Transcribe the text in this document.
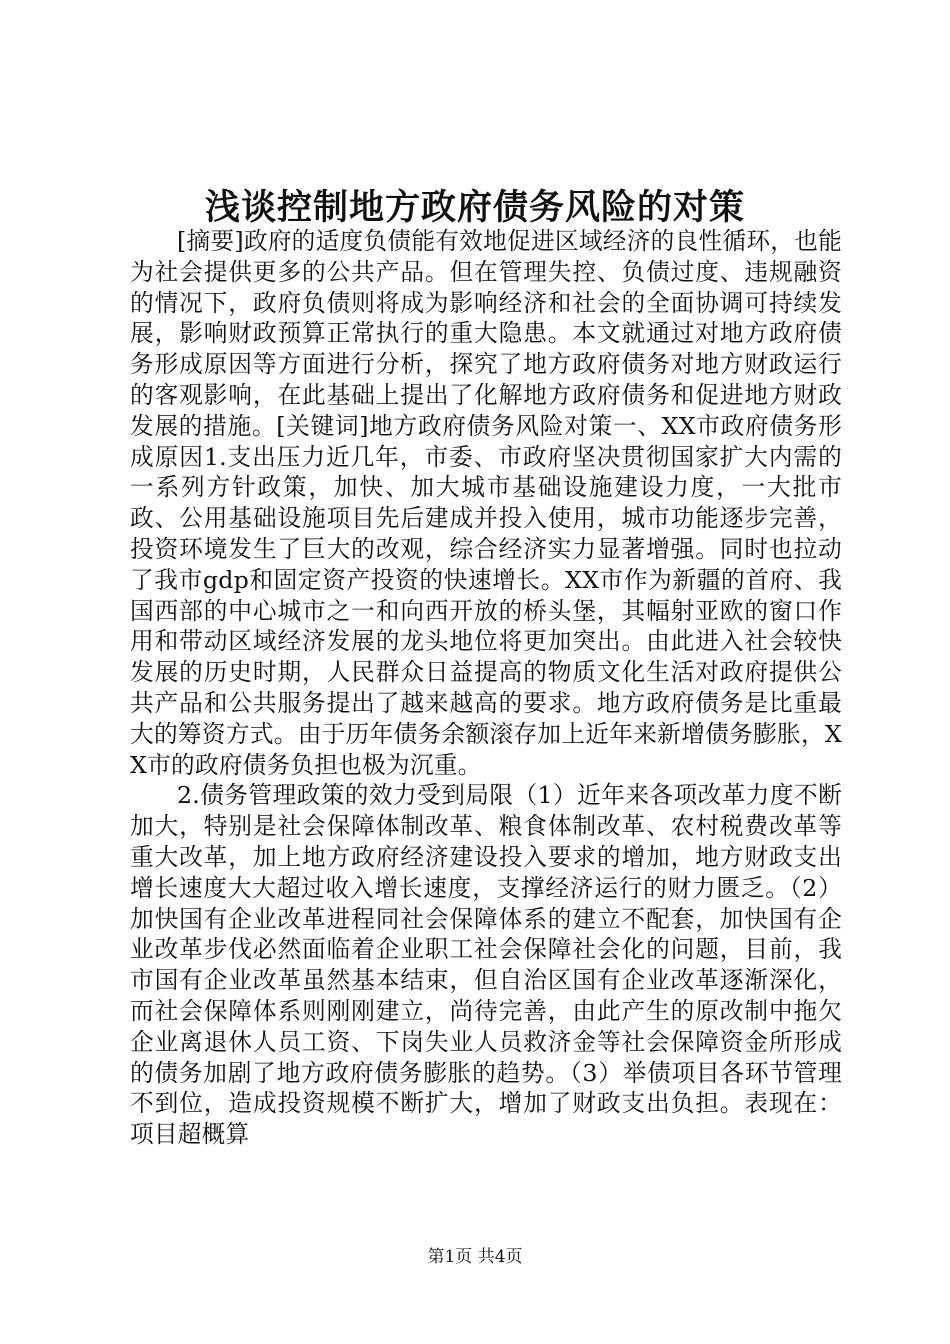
浅谈控制地方政府债务风险的对策

[摘要]政府的适度负债能有效地促进区域经济的良性循环，也能为社会提供更多的公共产品。但在管理失控、负债过度、违规融资的情况下，政府负债则将成为影响经济和社会的全面协调可持续发展，影响财政预算正常执行的重大隐患。本文就通过对地方政府债务形成原因等方面进行分析，探究了地方政府债务对地方财政运行的客观影响，在此基础上提出了化解地方政府债务和促进地方财政发展的措施。[关键词]地方政府债务风险对策一、XX市政府债务形成原因1.支出压力近几年，市委、市政府坚决贯彻国家扩大内需的一系列方针政策，加快、加大城市基础设施建设力度，一大批市政、公用基础设施项目先后建成并投入使用，城市功能逐步完善，投资环境发生了巨大的改观，综合经济实力显著增强。同时也拉动了我市gdp和固定资产投资的快速增长。XX市作为新疆的首府、我国西部的中心城市之一和向西开放的桥头堡，其幅射亚欧的窗口作用和带动区域经济发展的龙头地位将更加突出。由此进入社会较快发展的历史时期，人民群众日益提高的物质文化生活对政府提供公共产品和公共服务提出了越来越高的要求。地方政府债务是比重最大的筹资方式。由于历年债务余额滚存加上近年来新增债务膨胀，XX市的政府债务负担也极为沉重。

2.债务管理政策的效力受到局限（1）近年来各项改革力度不断加大，特别是社会保障体制改革、粮食体制改革、农村税费改革等重大改革，加上地方政府经济建设投入要求的增加，地方财政支出增长速度大大超过收入增长速度，支撑经济运行的财力匮乏。（2）加快国有企业改革进程同社会保障体系的建立不配套，加快国有企业改革步伐必然面临着企业职工社会保障社会化的问题，目前，我市国有企业改革虽然基本结束，但自治区国有企业改革逐渐深化，而社会保障体系则刚刚建立，尚待完善，由此产生的原改制中拖欠企业离退休人员工资、下岗失业人员救济金等社会保障资金所形成的债务加剧了地方政府债务膨胀的趋势。（3）举债项目各环节管理不到位，造成投资规模不断扩大，增加了财政支出负担。表现在：项目超概算

第1页 共4页
